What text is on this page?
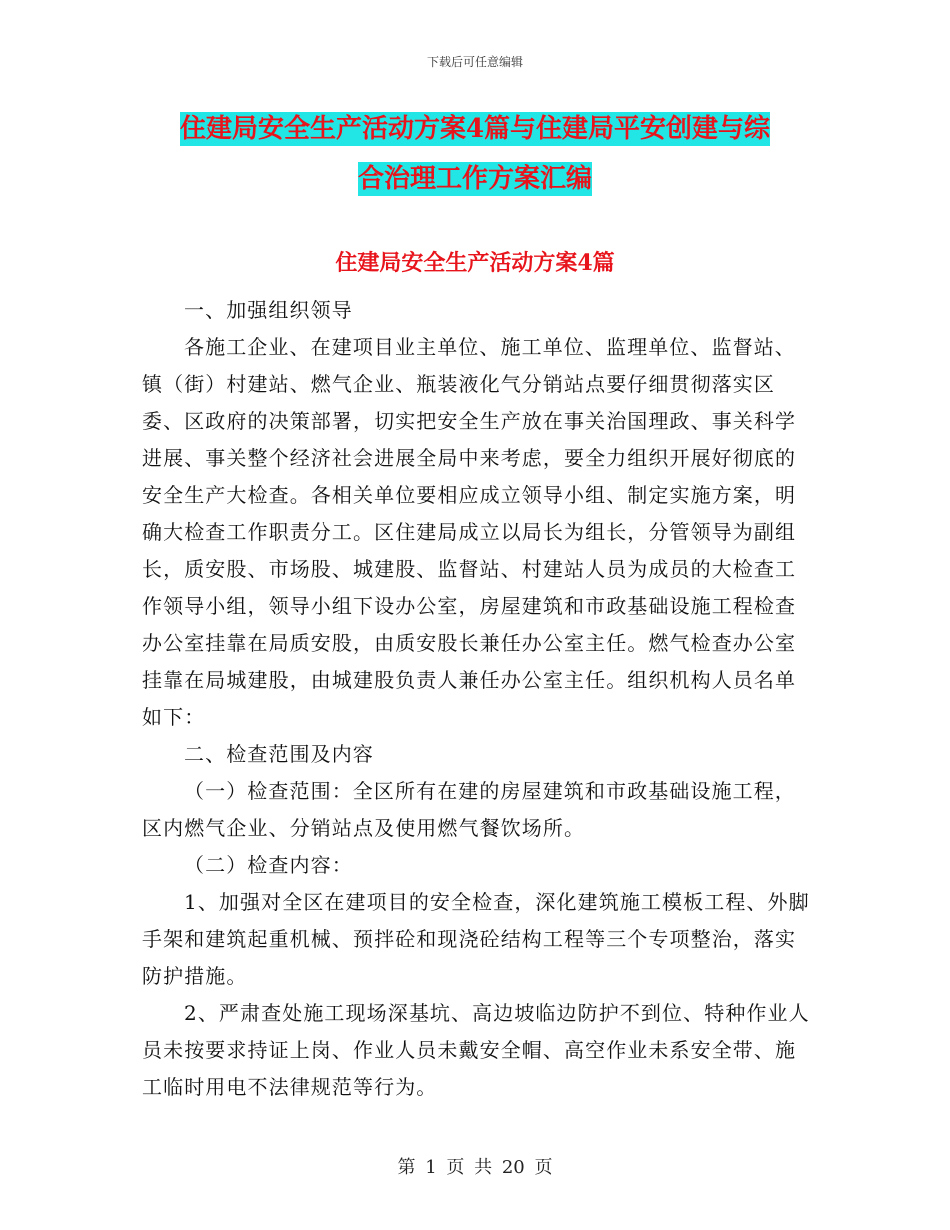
下载后可任意编辑
住建局安全生产活动方案4篇与住建局平安创建与综
合治理工作方案汇编
住建局安全生产活动方案4篇

一、加强组织领导

各施工企业、在建项目业主单位、施工单位、监理单位、监督站、镇（街）村建站、燃气企业、瓶装液化气分销站点要仔细贯彻落实区委、区政府的决策部署，切实把安全生产放在事关治国理政、事关科学进展、事关整个经济社会进展全局中来考虑，要全力组织开展好彻底的安全生产大检查。各相关单位要相应成立领导小组、制定实施方案，明确大检查工作职责分工。区住建局成立以局长为组长，分管领导为副组长，质安股、市场股、城建股、监督站、村建站人员为成员的大检查工作领导小组，领导小组下设办公室，房屋建筑和市政基础设施工程检查办公室挂靠在局质安股，由质安股长兼任办公室主任。燃气检查办公室挂靠在局城建股，由城建股负责人兼任办公室主任。组织机构人员名单如下：

二、检查范围及内容

（一）检查范围：全区所有在建的房屋建筑和市政基础设施工程，区内燃气企业、分销站点及使用燃气餐饮场所。

（二）检查内容：

1、加强对全区在建项目的安全检查，深化建筑施工模板工程、外脚手架和建筑起重机械、预拌砼和现浇砼结构工程等三个专项整治，落实防护措施。

2、严肃查处施工现场深基坑、高边坡临边防护不到位、特种作业人员未按要求持证上岗、作业人员未戴安全帽、高空作业未系安全带、施工临时用电不法律规范等行为。

第 1 页 共 20 页
